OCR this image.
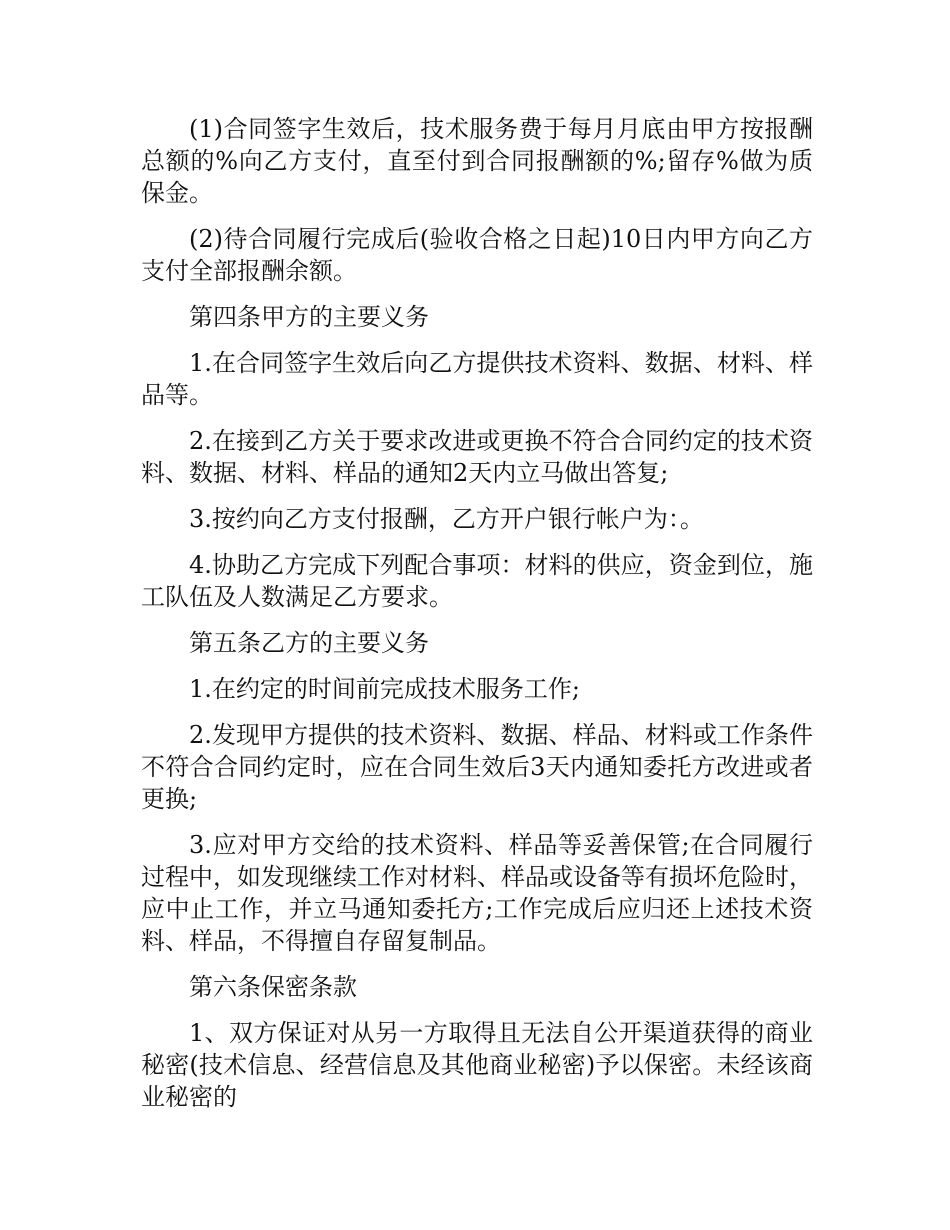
(1)合同签字生效后，技术服务费于每月月底由甲方按报酬总额的%向乙方支付，直至付到合同报酬额的%;留存%做为质保金。

(2)待合同履行完成后(验收合格之日起)10日内甲方向乙方支付全部报酬余额。

第四条甲方的主要义务

1.在合同签字生效后向乙方提供技术资料、数据、材料、样品等。

2.在接到乙方关于要求改进或更换不符合合同约定的技术资料、数据、材料、样品的通知2天内立马做出答复;

3.按约向乙方支付报酬，乙方开户银行帐户为：。

4.协助乙方完成下列配合事项：材料的供应，资金到位，施工队伍及人数满足乙方要求。

第五条乙方的主要义务

1.在约定的时间前完成技术服务工作;

2.发现甲方提供的技术资料、数据、样品、材料或工作条件不符合合同约定时，应在合同生效后3天内通知委托方改进或者更换;

3.应对甲方交给的技术资料、样品等妥善保管;在合同履行过程中，如发现继续工作对材料、样品或设备等有损坏危险时，应中止工作，并立马通知委托方;工作完成后应归还上述技术资料、样品，不得擅自存留复制品。

第六条保密条款

1、双方保证对从另一方取得且无法自公开渠道获得的商业秘密(技术信息、经营信息及其他商业秘密)予以保密。未经该商业秘密的
